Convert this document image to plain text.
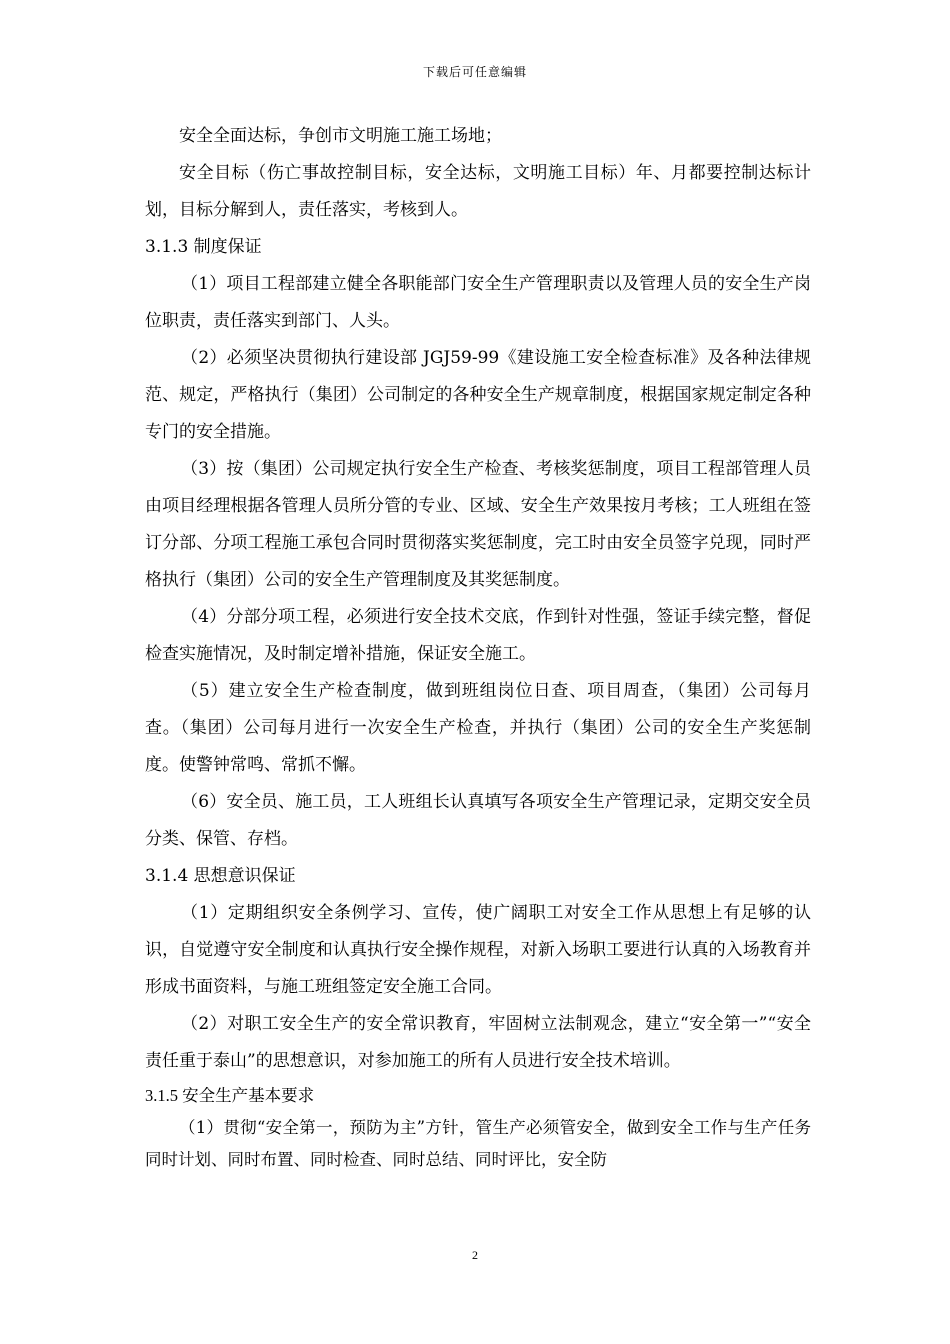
下载后可任意编辑

安全全面达标，争创市文明施工施工场地；

安全目标（伤亡事故控制目标，安全达标，文明施工目标）年、月都要控制达标计划，目标分解到人，责任落实，考核到人。

3.1.3 制度保证

（1）项目工程部建立健全各职能部门安全生产管理职责以及管理人员的安全生产岗位职责，责任落实到部门、人头。

（2）必须坚决贯彻执行建设部 JGJ59-99《建设施工安全检查标准》及各种法律规范、规定，严格执行（集团）公司制定的各种安全生产规章制度，根据国家规定制定各种专门的安全措施。

（3）按（集团）公司规定执行安全生产检查、考核奖惩制度，项目工程部管理人员由项目经理根据各管理人员所分管的专业、区域、安全生产效果按月考核；工人班组在签订分部、分项工程施工承包合同时贯彻落实奖惩制度，完工时由安全员签字兑现，同时严格执行（集团）公司的安全生产管理制度及其奖惩制度。

（4）分部分项工程，必须进行安全技术交底，作到针对性强，签证手续完整，督促检查实施情况，及时制定增补措施，保证安全施工。

（5）建立安全生产检查制度，做到班组岗位日查、项目周查，（集团）公司每月查。（集团）公司每月进行一次安全生产检查，并执行（集团）公司的安全生产奖惩制度。使警钟常鸣、常抓不懈。

（6）安全员、施工员，工人班组长认真填写各项安全生产管理记录，定期交安全员分类、保管、存档。

3.1.4 思想意识保证

（1）定期组织安全条例学习、宣传，使广阔职工对安全工作从思想上有足够的认识，自觉遵守安全制度和认真执行安全操作规程，对新入场职工要进行认真的入场教育并形成书面资料，与施工班组签定安全施工合同。

（2）对职工安全生产的安全常识教育，牢固树立法制观念，建立“安全第一”“安全责任重于泰山”的思想意识，对参加施工的所有人员进行安全技术培训。

3.1.5 安全生产基本要求

（1）贯彻“安全第一，预防为主”方针，管生产必须管安全，做到安全工作与生产任务同时计划、同时布置、同时检查、同时总结、同时评比，安全防

2
